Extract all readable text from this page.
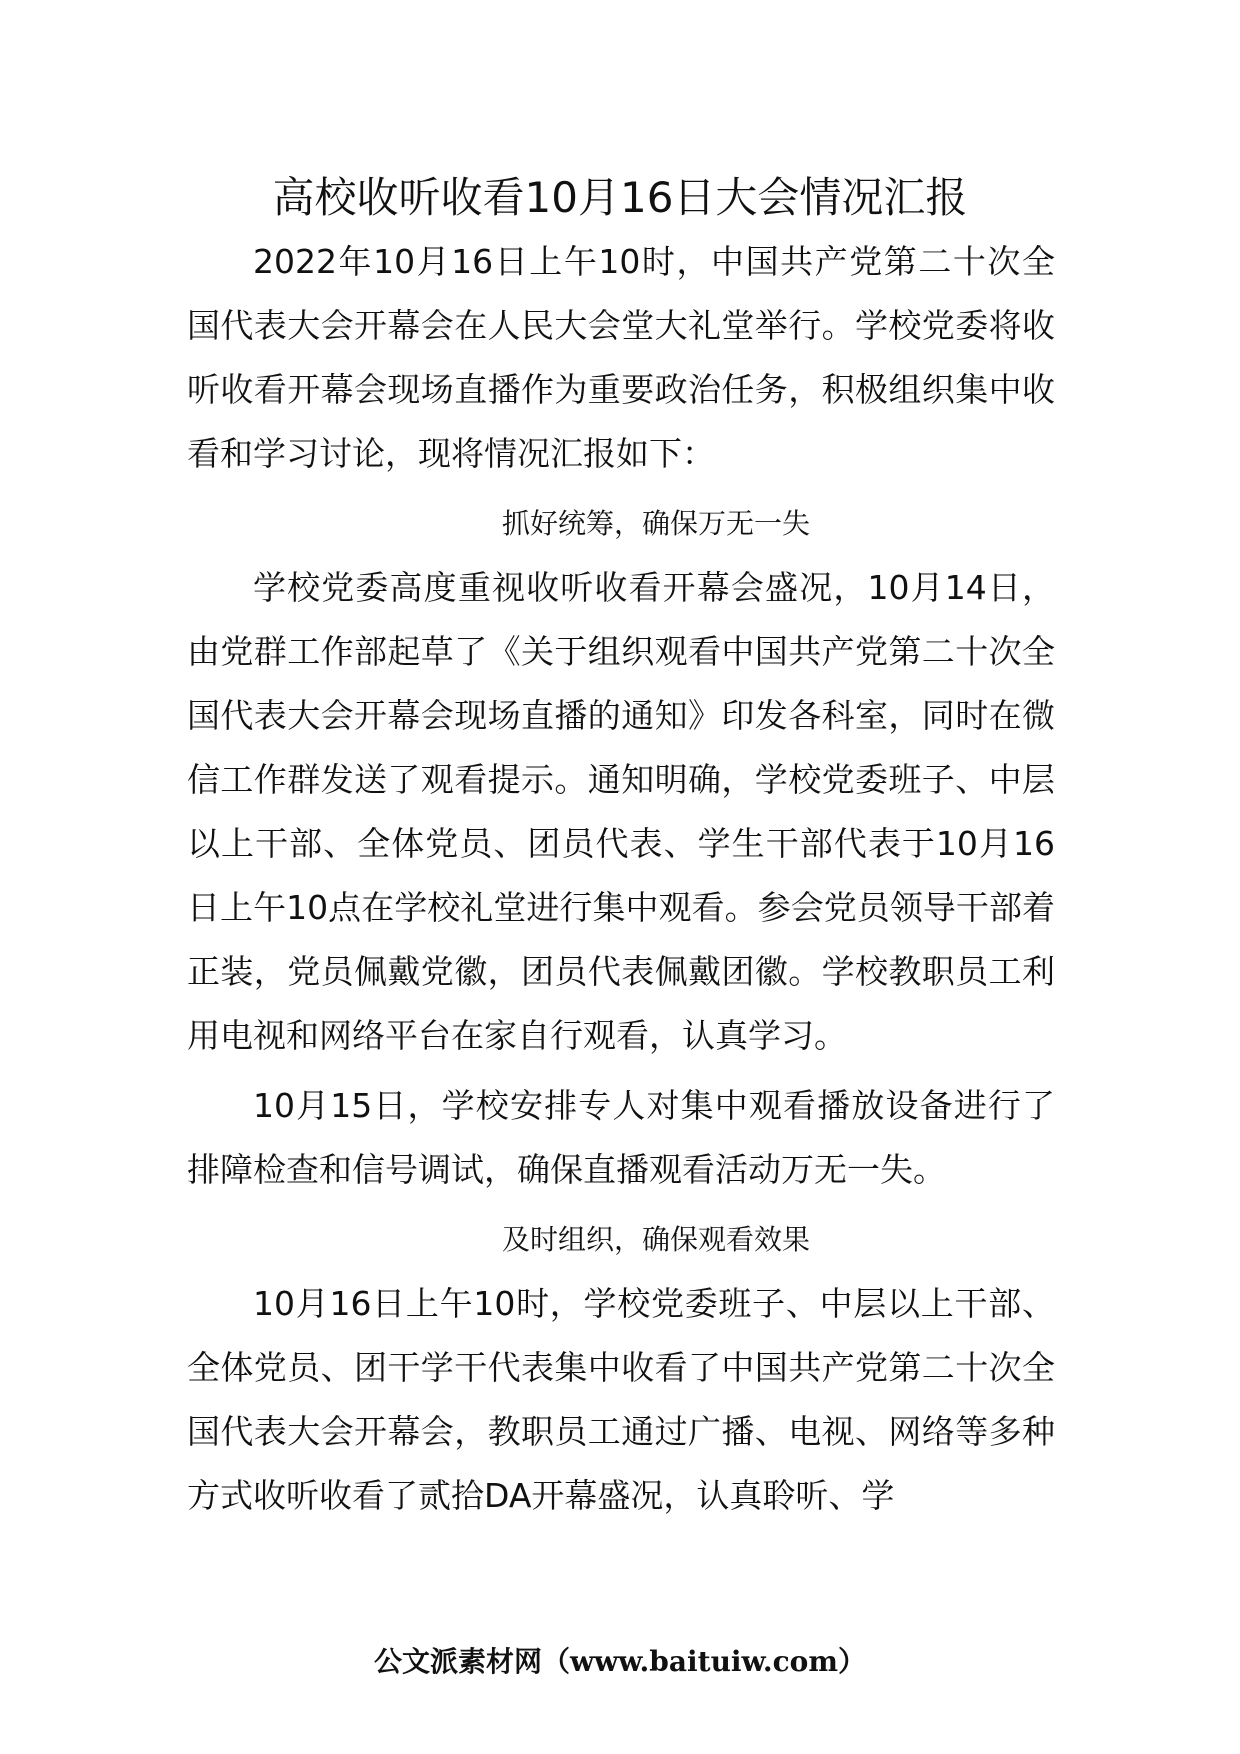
高校收听收看10月16日大会情况汇报

2022年10月16日上午10时，中国共产党第二十次全国代表大会开幕会在人民大会堂大礼堂举行。学校党委将收听收看开幕会现场直播作为重要政治任务，积极组织集中收看和学习讨论，现将情况汇报如下：

抓好统筹，确保万无一失

学校党委高度重视收听收看开幕会盛况，10月14日，由党群工作部起草了《关于组织观看中国共产党第二十次全国代表大会开幕会现场直播的通知》印发各科室，同时在微信工作群发送了观看提示。通知明确，学校党委班子、中层以上干部、全体党员、团员代表、学生干部代表于10月16日上午10点在学校礼堂进行集中观看。参会党员领导干部着正装，党员佩戴党徽，团员代表佩戴团徽。学校教职员工利用电视和网络平台在家自行观看，认真学习。

10月15日，学校安排专人对集中观看播放设备进行了排障检查和信号调试，确保直播观看活动万无一失。

及时组织，确保观看效果

10月16日上午10时，学校党委班子、中层以上干部、全体党员、团干学干代表集中收看了中国共产党第二十次全国代表大会开幕会，教职员工通过广播、电视、网络等多种方式收听收看了贰拾DA开幕盛况，认真聆听、学

公文派素材网（www.baituiw.com）
